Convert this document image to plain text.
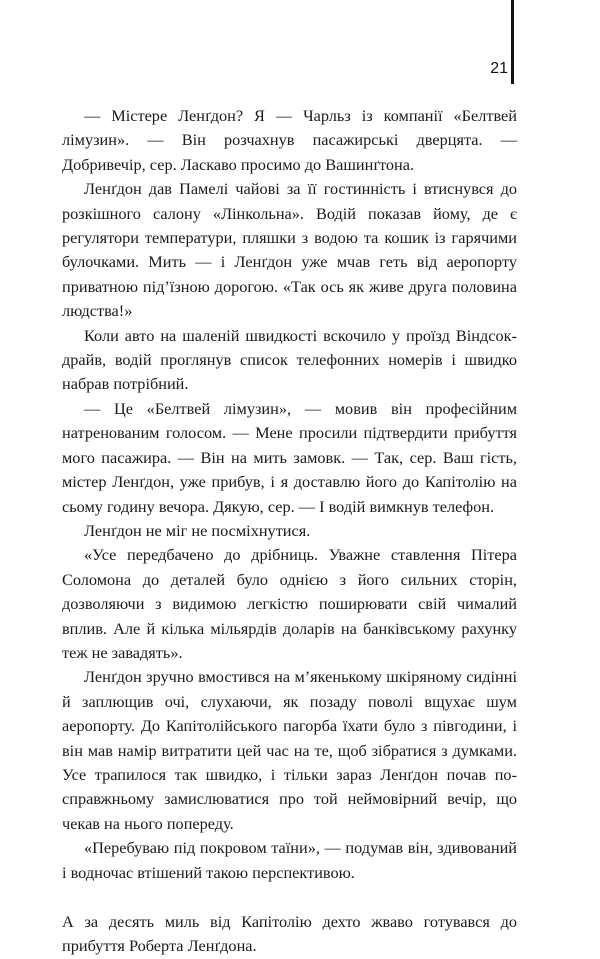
21

— Містере Ленґдон? Я — Чарльз із компанії «Белтвей лімузин». — Він розчахнув пасажирські дверцята. — Добривечір, сер. Ласкаво просимо до Вашинґтона.

Ленґдон дав Памелі чайові за її гостинність і втиснувся до розкішного салону «Лінкольна». Водій показав йому, де є регулятори температури, пляшки з водою та кошик із гарячими булочками. Мить — і Ленґдон уже мчав геть від аеропорту приватною під’їзною дорогою. «Так ось як живе друга половина людства!»

Коли авто на шаленій швидкості вскочило у проїзд Віндсок-драйв, водій проглянув список телефонних номерів і швидко набрав потрібний.

— Це «Белтвей лімузин», — мовив він професійним натренованим голосом. — Мене просили підтвердити прибуття мого пасажира. — Він на мить замовк. — Так, сер. Ваш гість, містер Ленґдон, уже прибув, і я доставлю його до Капітолію на сьому годину вечора. Дякую, сер. — І водій вимкнув телефон.

Ленґдон не міг не посміхнутися.

«Усе передбачено до дрібниць. Уважне ставлення Пітера Соломона до деталей було однією з його сильних сторін, дозволяючи з видимою легкістю поширювати свій чималий вплив. Але й кілька мільярдів доларів на банківському рахунку теж не завадять».

Ленґдон зручно вмостився на м’якенькому шкіряному сидінні й заплющив очі, слухаючи, як позаду поволі вщухає шум аеропорту. До Капітолійського пагорба їхати було з півгодини, і він мав намір витратити цей час на те, щоб зібратися з думками. Усе трапилося так швидко, і тільки зараз Ленґдон почав по-справжньому замислюватися про той неймовірний вечір, що чекав на нього попереду.

«Перебуваю під покровом таїни», — подумав він, здивований і водночас втішений такою перспективою.

А за десять миль від Капітолію дехто жваво готувався до прибуття Роберта Ленґдона.
